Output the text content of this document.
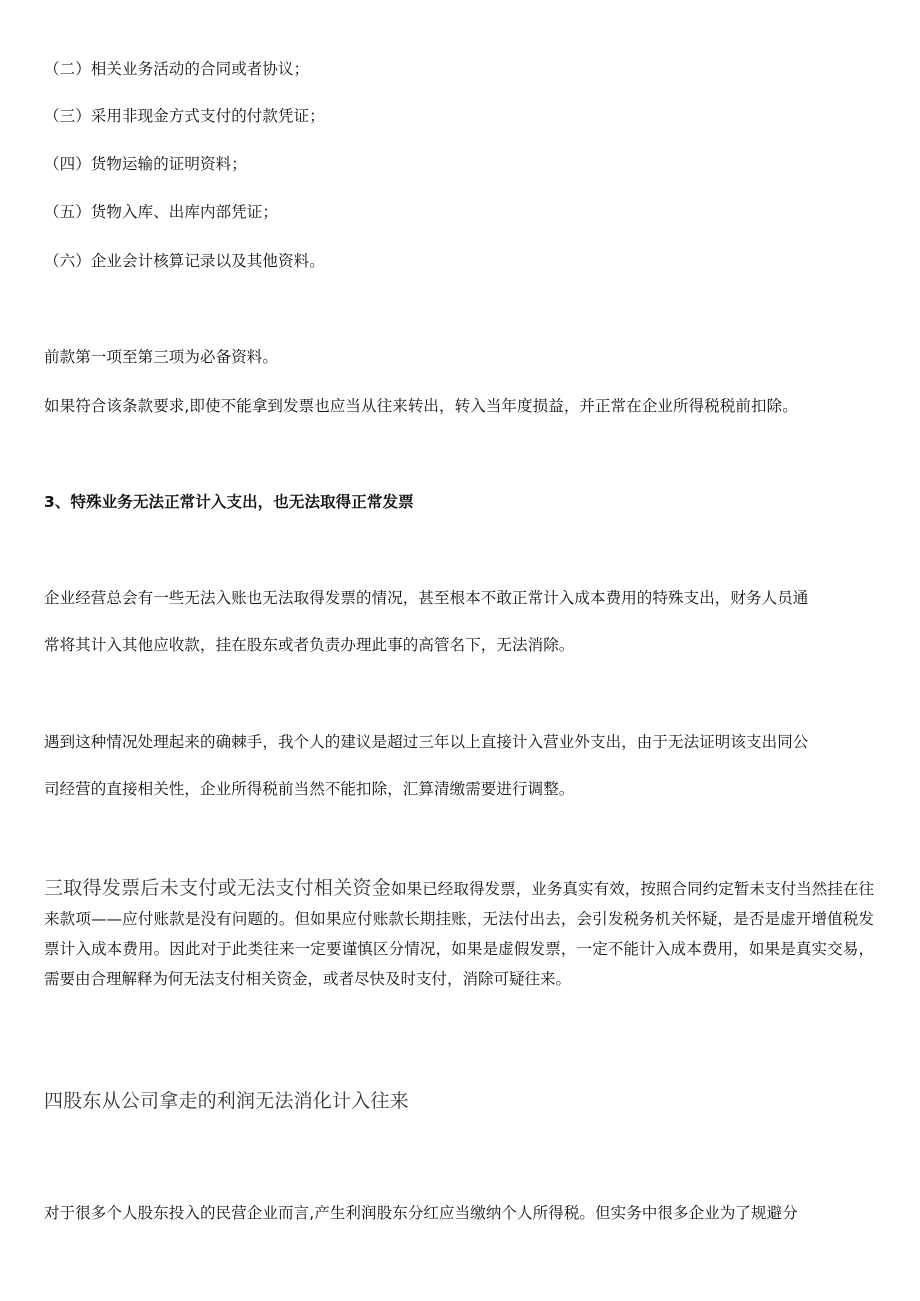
（二）相关业务活动的合同或者协议；
（三）采用非现金方式支付的付款凭证；
（四）货物运输的证明资料；
（五）货物入库、出库内部凭证；
（六）企业会计核算记录以及其他资料。
前款第一项至第三项为必备资料。
如果符合该条款要求,即使不能拿到发票也应当从往来转出，转入当年度损益，并正常在企业所得税税前扣除。
3、特殊业务无法正常计入支出，也无法取得正常发票
企业经营总会有一些无法入账也无法取得发票的情况，甚至根本不敢正常计入成本费用的特殊支出，财务人员通
常将其计入其他应收款，挂在股东或者负责办理此事的高管名下，无法消除。
遇到这种情况处理起来的确棘手，我个人的建议是超过三年以上直接计入营业外支出，由于无法证明该支出同公
司经营的直接相关性，企业所得税前当然不能扣除，汇算清缴需要进行调整。
三取得发票后未支付或无法支付相关资金如果已经取得发票，业务真实有效，按照合同约定暂未支付当然挂在往来款项——应付账款是没有问题的。但如果应付账款长期挂账，无法付出去，会引发税务机关怀疑，是否是虚开增值税发票计入成本费用。因此对于此类往来一定要谨慎区分情况，如果是虚假发票，一定不能计入成本费用，如果是真实交易，需要由合理解释为何无法支付相关资金，或者尽快及时支付，消除可疑往来。
四股东从公司拿走的利润无法消化计入往来
对于很多个人股东投入的民营企业而言,产生利润股东分红应当缴纳个人所得税。但实务中很多企业为了规避分
